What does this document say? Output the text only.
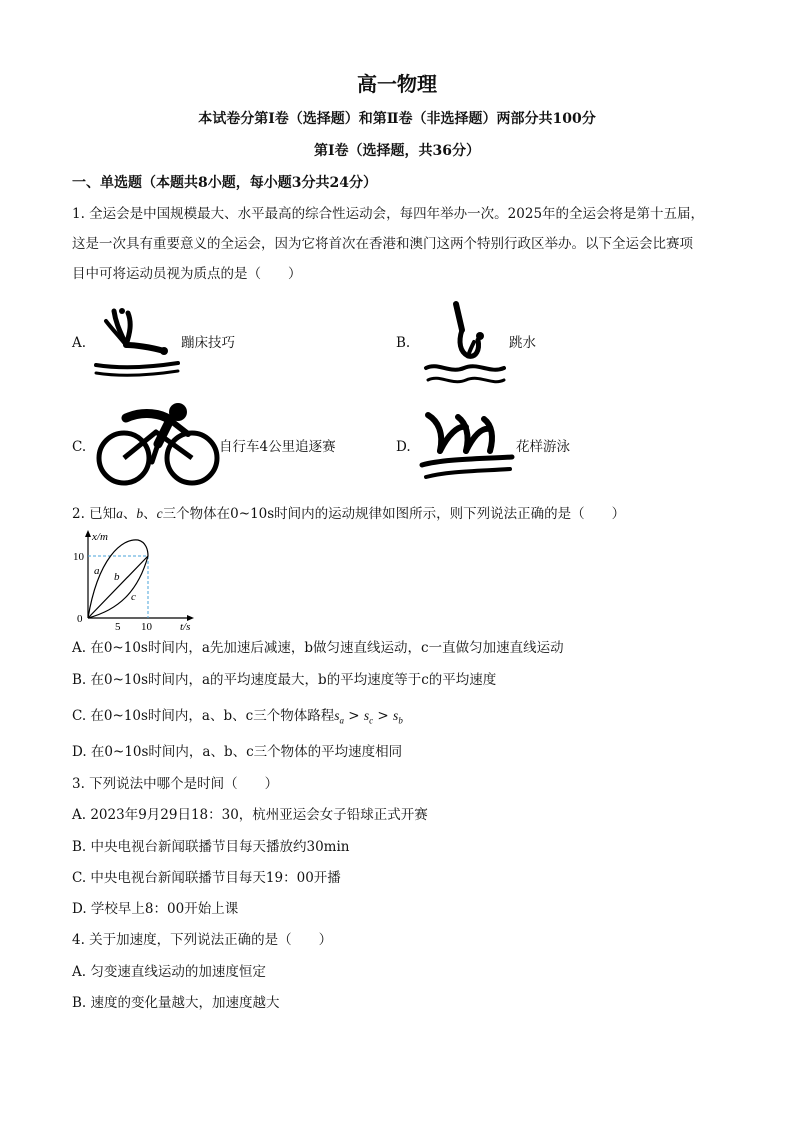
高一物理
本试卷分第Ⅰ卷（选择题）和第Ⅱ卷（非选择题）两部分共100分
第Ⅰ卷（选择题，共36分）
一、单选题（本题共8小题，每小题3分共24分）
1. 全运会是中国规模最大、水平最高的综合性运动会，每四年举办一次。2025年的全运会将是第十五届，
这是一次具有重要意义的全运会，因为它将首次在香港和澳门这两个特别行政区举办。以下全运会比赛项
目中可将运动员视为质点的是（　　）
A.	蹦床技巧	B.	跳水
C.	自行车4公里追逐赛	D.	花样游泳
2. 已知a、b、c三个物体在0~10s时间内的运动规律如图所示，则下列说法正确的是（　　）
x/m
t/s
10
0
5 10
a b
c
A. 在0~10s时间内，a先加速后减速，b做匀速直线运动，c一直做匀加速直线运动
B. 在0~10s时间内，a的平均速度最大，b的平均速度等于c的平均速度
C. 在0~10s时间内，a、b、c三个物体路程$s_a > s_c > s_b$
D. 在0~10s时间内，a、b、c三个物体的平均速度相同
3. 下列说法中哪个是时间（　　）
A. 2023年9月29日18：30，杭州亚运会女子铅球正式开赛
B. 中央电视台新闻联播节目每天播放约30min
C. 中央电视台新闻联播节目每天19：00开播
D. 学校早上8：00开始上课
4. 关于加速度，下列说法正确的是（　　）
A. 匀变速直线运动的加速度恒定
B. 速度的变化量越大，加速度越大
